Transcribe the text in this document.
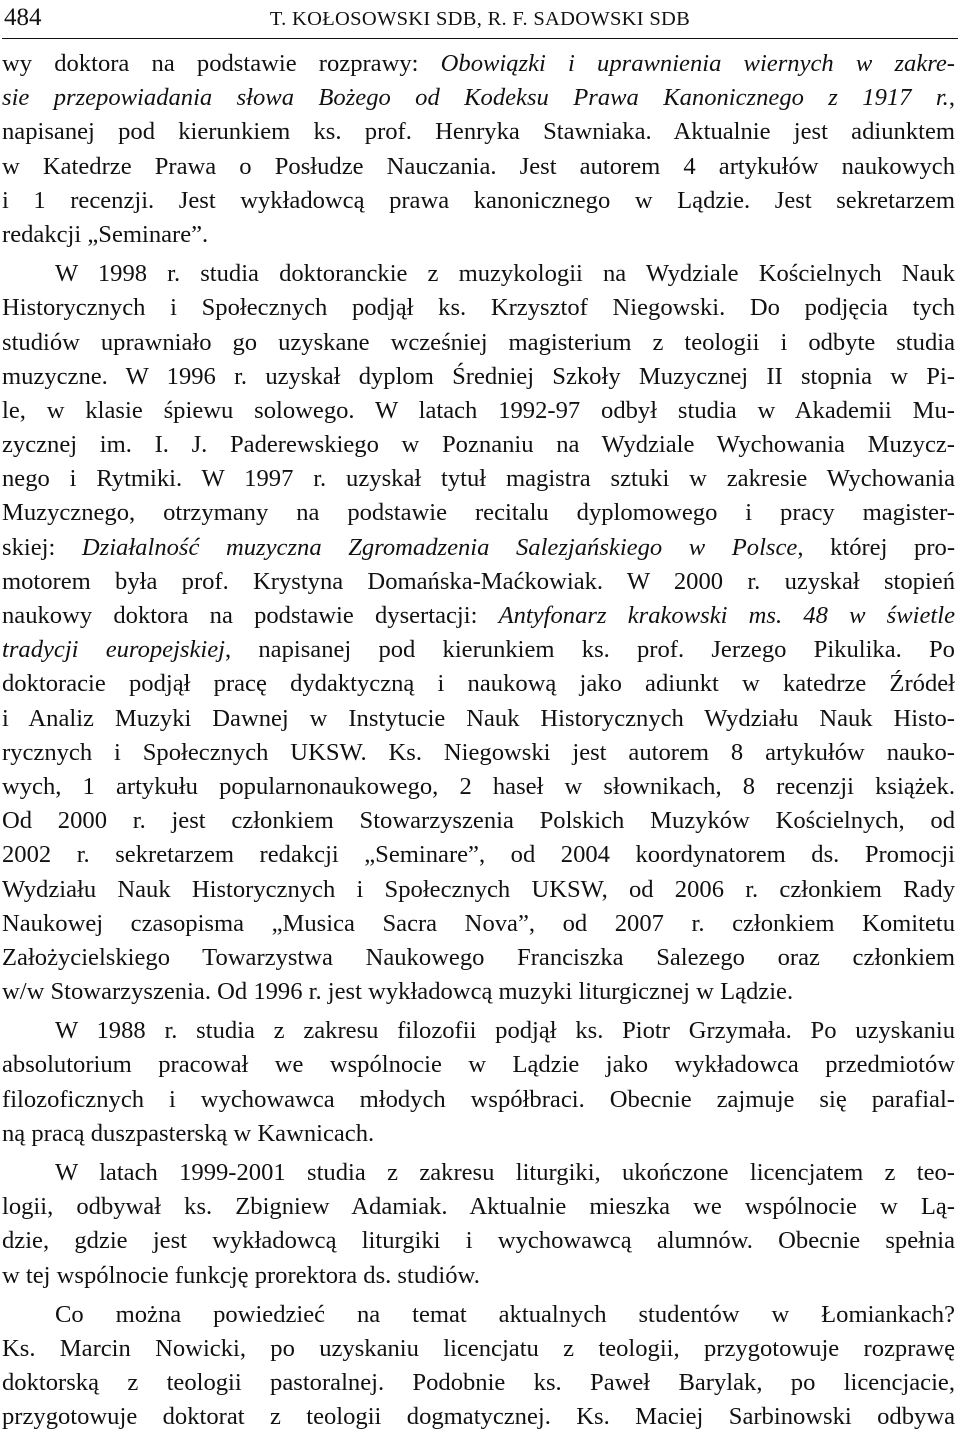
484	T. KOŁOSOWSKI SDB, R. F. SADOWSKI SDB
wy doktora na podstawie rozprawy: Obowiązki i uprawnienia wiernych w zakre-
sie przepowiadania słowa Bożego od Kodeksu Prawa Kanonicznego z 1917 r.,
napisanej pod kierunkiem ks. prof. Henryka Stawniaka. Aktualnie jest adiunktem
w Katedrze Prawa o Posłudze Nauczania. Jest autorem 4 artykułów naukowych
i 1 recenzji. Jest wykładowcą prawa kanonicznego w Lądzie. Jest sekretarzem
redakcji „Seminare”.
W 1998 r. studia doktoranckie z muzykologii na Wydziale Kościelnych Nauk
Historycznych i Społecznych podjął ks. Krzysztof Niegowski. Do podjęcia tych
studiów uprawniało go uzyskane wcześniej magisterium z teologii i odbyte studia
muzyczne. W 1996 r. uzyskał dyplom Średniej Szkoły Muzycznej II stopnia w Pi-
le, w klasie śpiewu solowego. W latach 1992-97 odbył studia w Akademii Mu-
zycznej im. I. J. Paderewskiego w Poznaniu na Wydziale Wychowania Muzycz-
nego i Rytmiki. W 1997 r. uzyskał tytuł magistra sztuki w zakresie Wychowania
Muzycznego, otrzymany na podstawie recitalu dyplomowego i pracy magister-
skiej: Działalność muzyczna Zgromadzenia Salezjańskiego w Polsce, której pro-
motorem była prof. Krystyna Domańska-Maćkowiak. W 2000 r. uzyskał stopień
naukowy doktora na podstawie dysertacji: Antyfonarz krakowski ms. 48 w świetle
tradycji europejskiej, napisanej pod kierunkiem ks. prof. Jerzego Pikulika. Po
doktoracie podjął pracę dydaktyczną i naukową jako adiunkt w katedrze Źródeł
i Analiz Muzyki Dawnej w Instytucie Nauk Historycznych Wydziału Nauk Histo-
rycznych i Społecznych UKSW. Ks. Niegowski jest autorem 8 artykułów nauko-
wych, 1 artykułu popularnonaukowego, 2 haseł w słownikach, 8 recenzji książek.
Od 2000 r. jest członkiem Stowarzyszenia Polskich Muzyków Kościelnych, od
2002 r. sekretarzem redakcji „Seminare”, od 2004 koordynatorem ds. Promocji
Wydziału Nauk Historycznych i Społecznych UKSW, od 2006 r. członkiem Rady
Naukowej czasopisma „Musica Sacra Nova”, od 2007 r. członkiem Komitetu
Założycielskiego Towarzystwa Naukowego Franciszka Salezego oraz członkiem
w/w Stowarzyszenia. Od 1996 r. jest wykładowcą muzyki liturgicznej w Lądzie.
W 1988 r. studia z zakresu filozofii podjął ks. Piotr Grzymała. Po uzyskaniu
absolutorium pracował we wspólnocie w Lądzie jako wykładowca przedmiotów
filozoficznych i wychowawca młodych współbraci. Obecnie zajmuje się parafial-
ną pracą duszpasterską w Kawnicach.
W latach 1999-2001 studia z zakresu liturgiki, ukończone licencjatem z teo-
logii, odbywał ks. Zbigniew Adamiak. Aktualnie mieszka we wspólnocie w Lą-
dzie, gdzie jest wykładowcą liturgiki i wychowawcą alumnów. Obecnie spełnia
w tej wspólnocie funkcję prorektora ds. studiów.
Co można powiedzieć na temat aktualnych studentów w Łomiankach?
Ks. Marcin Nowicki, po uzyskaniu licencjatu z teologii, przygotowuje rozprawę
doktorską z teologii pastoralnej. Podobnie ks. Paweł Barylak, po licencjacie,
przygotowuje doktorat z teologii dogmatycznej. Ks. Maciej Sarbinowski odbywa
